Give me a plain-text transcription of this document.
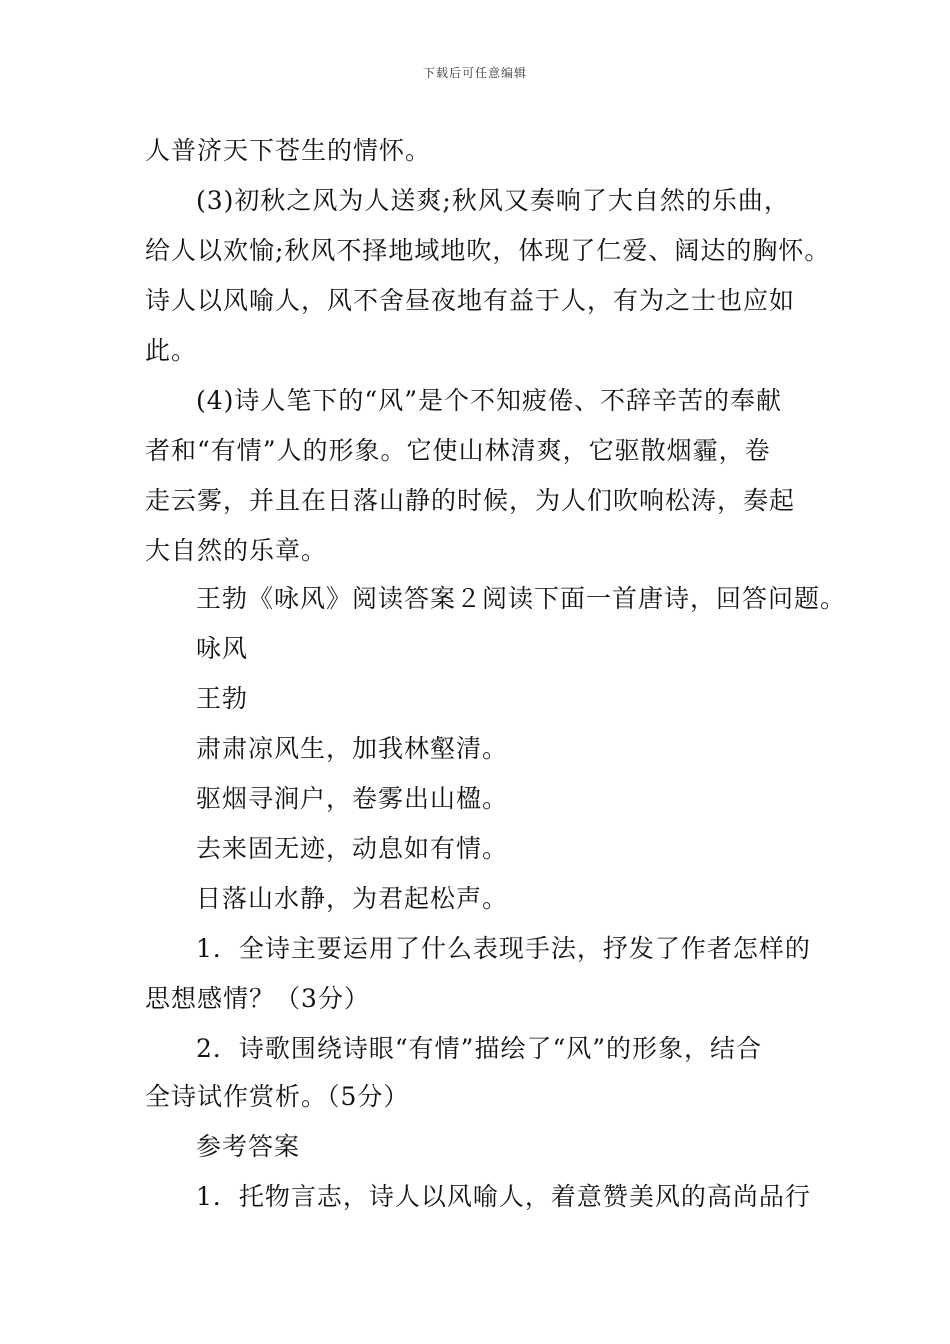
下载后可任意编辑
人普济天下苍生的情怀。
(3)初秋之风为人送爽;秋风又奏响了大自然的乐曲，
给人以欢愉;秋风不择地域地吹，体现了仁爱、阔达的胸怀。
诗人以风喻人，风不舍昼夜地有益于人，有为之士也应如
此。
(4)诗人笔下的“风”是个不知疲倦、不辞辛苦的奉献
者和“有情”人的形象。它使山林清爽，它驱散烟霾，卷
走云雾，并且在日落山静的时候，为人们吹响松涛，奏起
大自然的乐章。
王勃《咏风》阅读答案２阅读下面一首唐诗，回答问题。
咏风
王勃
肃肃凉风生，加我林壑清。
驱烟寻涧户，卷雾出山楹。
去来固无迹，动息如有情。
日落山水静，为君起松声。
1．全诗主要运用了什么表现手法，抒发了作者怎样的
思想感情？（3分）
2．诗歌围绕诗眼“有情”描绘了“风”的形象，结合
全诗试作赏析。（5分）
参考答案
1．托物言志，诗人以风喻人，着意赞美风的高尚品行
